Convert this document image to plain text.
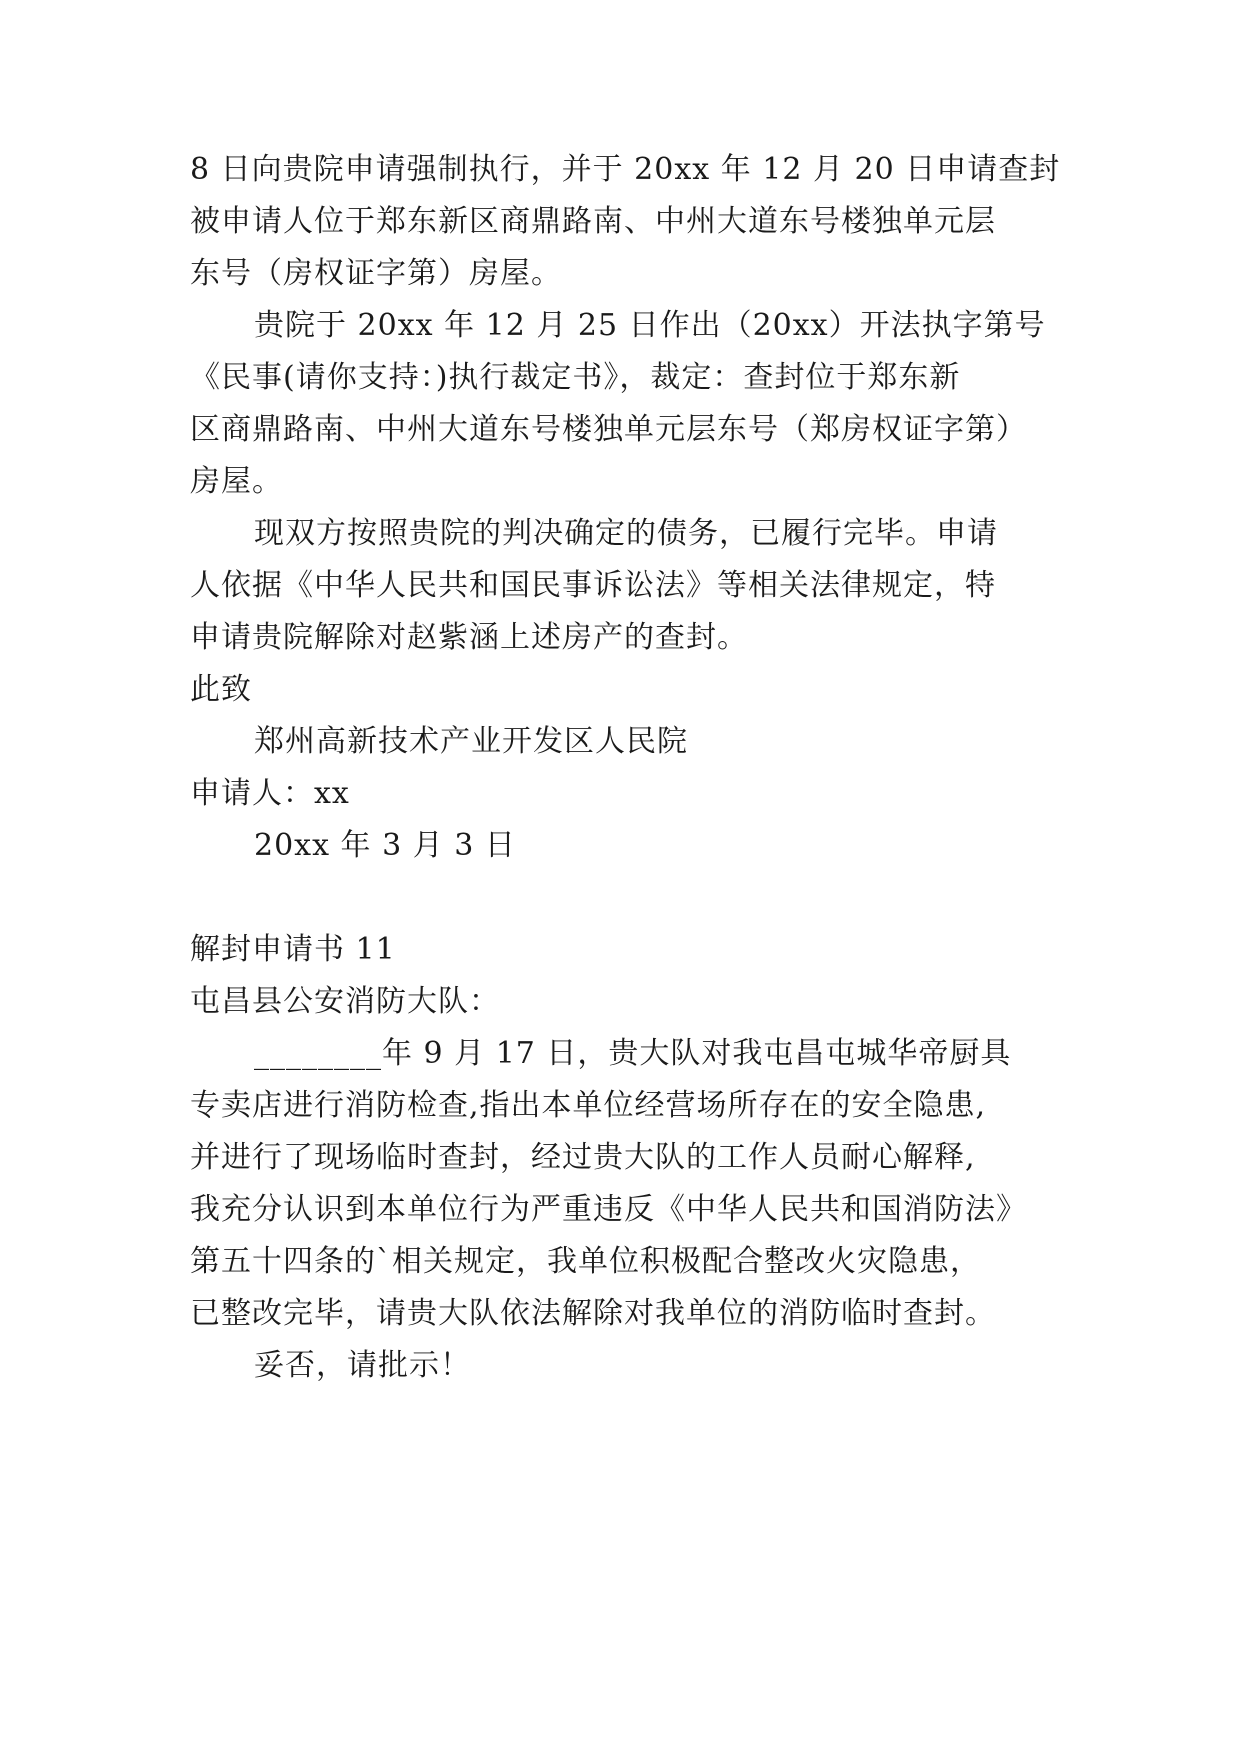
8 日向贵院申请强制执行，并于 20xx 年 12 月 20 日申请查封
被申请人位于郑东新区商鼎路南、中州大道东号楼独单元层
东号（房权证字第）房屋。
贵院于 20xx 年 12 月 25 日作出（20xx）开法执字第号
《民事(请你支持：)执行裁定书》，裁定：查封位于郑东新
区商鼎路南、中州大道东号楼独单元层东号（郑房权证字第）
房屋。
现双方按照贵院的判决确定的债务，已履行完毕。申请
人依据《中华人民共和国民事诉讼法》等相关法律规定，特
申请贵院解除对赵紫涵上述房产的查封。
此致
郑州高新技术产业开发区人民院
申请人：xx
20xx 年 3 月 3 日
解封申请书 11
屯昌县公安消防大队：
________年 9 月 17 日，贵大队对我屯昌屯城华帝厨具
专卖店进行消防检查,指出本单位经营场所存在的安全隐患,
并进行了现场临时查封，经过贵大队的工作人员耐心解释,
我充分认识到本单位行为严重违反《中华人民共和国消防法》
第五十四条的`相关规定，我单位积极配合整改火灾隐患，
已整改完毕，请贵大队依法解除对我单位的消防临时查封。
妥否，请批示！
